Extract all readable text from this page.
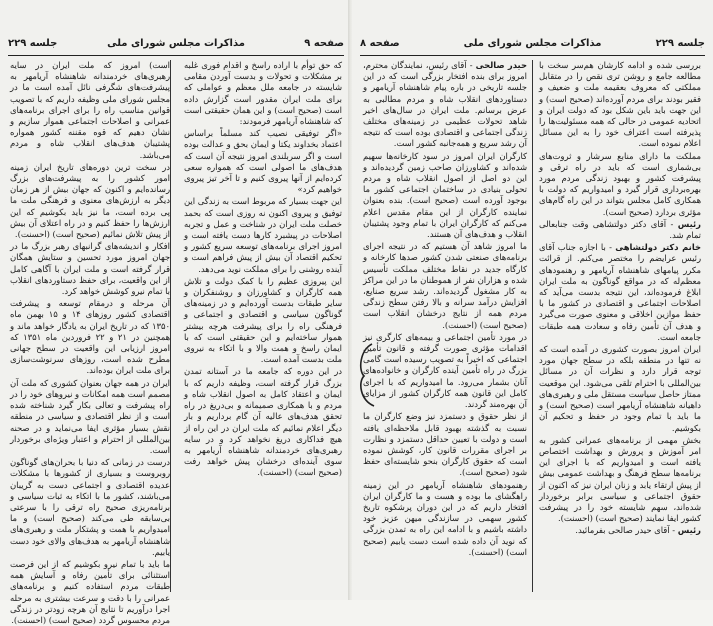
صفحه ۹
مذاکرات مجلس شورای ملی
جلسه ۲۲۹

که حق توأم با اراده راسخ و اقدام فوری غلبه بر مشکلات و تحولات و بدست آوردن مقامی شایسته در جامعه ملل معظم و عواملی که برای ملت ایران مقدور است گزارش داده است (صحیح است) و این همان حقیقتی است که شاهنشاه آریامهر فرمودند:

«اگر توفیقی نصیب کند مسلماً براساس اعتماد بخداوند یکتا و ایمان بحق و عدالت بوده است و اگر سربلندی امروز نتیجه آن است که هدف‌های ما اصولی است که همواره سعی کرده‌ایم از آنها پیروی کنیم و تا آخر تیز پیروی خواهیم کرد»

این جهت بسیار که مربوط است به زندگی این توفیق و پیروی اکنون نه روزی است که بحمد خصلت ملت ایران در شناخت و عمل و تجربه اصلاحات در پیشبرد کارها دست یافته است و امروز اجرای برنامه‌های توسعه سریع کشور و تحکیم اقتصاد آن بیش از پیش فراهم است و آینده روشنی را برای مملکت نوید می‌دهد.

این پیروزی عظیم را با کمک دولت و تلاش همه کارگران و کشاورزان و روشنفکران و سایر طبقات بدست آورده‌ایم و در زمینه‌های گوناگون سیاسی و اقتصادی و اجتماعی و فرهنگی راه را برای پیشرفت هرچه بیشتر هموار ساخته‌ایم و این حقیقتی است که با ایمان راسخ و همت والا و با اتکاء به نیروی ملت بدست آمده است.

در این دوره که جامعه ما در آستانه تمدن بزرگ قرار گرفته است، وظیفه داریم که با ایمان و اعتقاد کامل به اصول انقلاب شاه و مردم و با همکاری صمیمانه و بی‌دریغ در راه تحقق هدف‌های عالیه آن گام برداریم و بار دیگر اعلام نمائیم که ملت ایران در این راه از هیچ فداکاری دریغ نخواهد کرد و در سایه رهبری‌های خردمندانه شاهنشاه آریامهر به سوی آینده‌ای درخشان پیش خواهد رفت (صحیح است) (احسنت).

است) امروز که ملت ایران در سایه رهبری‌های خردمندانه شاهنشاه آریامهر به پیشرفت‌های شگرفی نائل آمده است ما در مجلس شورای ملی وظیفه داریم که با تصویب قوانین مناسب راه را برای اجرای برنامه‌های عمرانی و اصلاحات اجتماعی هموار سازیم و نشان دهیم که قوه مقننه کشور همواره پشتیبان هدف‌های انقلاب شاه و مردم می‌باشد.

در سخت ترین دوره‌های تاریخ ایران زمینه امور کشور را به پیشرفت‌های بزرگ رسانده‌ایم و اکنون که جهان بیش از هر زمان دیگر به ارزش‌های معنوی و فرهنگی ملت ما پی برده است، ما نیز باید بکوشیم که این ارزش‌ها را حفظ کنیم و در راه اعتلای آن بیش از پیش تلاش نمائیم (صحیح است) (احسنت).

افکار و اندیشه‌های گرانبهای رهبر بزرگ ما در جهان امروز مورد تحسین و ستایش همگان قرار گرفته است و ملت ایران با آگاهی کامل از این واقعیت، برای حفظ دستاوردهای انقلاب با تمام نیرو کوشش خواهد کرد.

آن مرحله و درمقام توسعه و پیشرفت اقتصادی کشور روزهای ۱۴ و ۱۵ بهمن ماه ۱۳۵۰ که در تاریخ ایران به یادگار خواهد ماند و همچنین در ۲۱ و ۲۲ فروردین ماه ۱۳۵۱ که امروز ارزیابی این واقعیت در سطح جهانی مطرح شده است، روزهای سرنوشت‌سازی برای ملت ایران بوده‌اند.

ایران در همه جهان بعنوان کشوری که ملت آن مصمم است همه امکانات و نیروهای خود را در راه پیشرفت و تعالی بکار گیرد شناخته شده است و از نظر اقتصادی و سیاسی در منطقه نقش بسیار مؤثری ایفا می‌نماید و در صحنه بین‌المللی از احترام و اعتبار ویژه‌ای برخوردار است.

درست در زمانی که دنیا با بحران‌های گوناگون روبروست و بسیاری از کشورها با مشکلات عدیده اقتصادی و اجتماعی دست به گریبان می‌باشند، کشور ما با اتکاء به ثبات سیاسی و برنامه‌ریزی صحیح راه ترقی را با سرعتی بی‌سابقه طی می‌کند (صحیح است) و ما امیدواریم با همت و پشتکار ملت و رهبری‌های شاهنشاه آریامهر به هدف‌های والای خود دست یابیم.

ما باید با تمام نیرو بکوشیم که از این فرصت استثنائی برای تأمین رفاه و آسایش همه طبقات مردم استفاده کنیم و برنامه‌های عمرانی را با دقت و سرعت بیشتری به مرحله اجرا درآوریم تا نتایج آن هرچه زودتر در زندگی مردم محسوس گردد (صحیح است) (احسنت).

جلسه ۲۲۹
مذاکرات مجلس شورای ملی
صفحه ۸

حیدر صالحی - آقای رئیس، نمایندگان محترم، امروز برای بنده افتخار بزرگی است که در این جلسه تاریخی در باره پیام شاهنشاه آریامهر و دستاوردهای انقلاب شاه و مردم مطالبی به عرض برسانم. ملت ایران در سال‌های اخیر شاهد تحولات عظیمی در زمینه‌های مختلف زندگی اجتماعی و اقتصادی بوده است که نتیجه آن رشد سریع و همه‌جانبه کشور است.

کارگران ایران امروز در سود کارخانه‌ها سهیم شده‌اند و کشاورزان صاحب زمین گردیده‌اند و این دو اصل از اصول انقلاب شاه و مردم تحولی بنیادی در ساختمان اجتماعی کشور ما بوجود آورده است (صحیح است). بنده بعنوان نماینده کارگران از این مقام مقدس اعلام می‌کنم که کارگران ایران با تمام وجود پشتیبان انقلاب و هدف‌های آن هستند.

ما امروز شاهد آن هستیم که در نتیجه اجرای برنامه‌های صنعتی شدن کشور صدها کارخانه و کارگاه جدید در نقاط مختلف مملکت تأسیس شده و هزاران نفر از هموطنان ما در این مراکز به کار مشغول گردیده‌اند. رشد سریع صنایع، افزایش درآمد سرانه و بالا رفتن سطح زندگی مردم همه از نتایج درخشان انقلاب است (صحیح است) (احسنت).

در مورد تأمین اجتماعی و بیمه‌های کارگری نیز اقدامات مؤثری صورت گرفته و قانون تأمین اجتماعی که اخیراً به تصویب رسیده است گامی بزرگ در راه تأمین آینده کارگران و خانواده‌های آنان بشمار می‌رود. ما امیدواریم که با اجرای کامل این قانون همه کارگران کشور از مزایای آن بهره‌مند گردند.

از نظر حقوق و دستمزد نیز وضع کارگران ما نسبت به گذشته بهبود قابل ملاحظه‌ای یافته است و دولت با تعیین حداقل دستمزد و نظارت بر اجرای مقررات قانون کار، کوشش نموده است که حقوق کارگران بنحو شایسته‌ای حفظ شود (صحیح است).

رهنمودهای شاهنشاه آریامهر در این زمینه راهگشای ما بوده و هست و ما کارگران ایران افتخار داریم که در این دوران پرشکوه تاریخ کشور سهمی در سازندگی میهن عزیز خود داشته باشیم و با ادامه این راه به تمدن بزرگی که نوید آن داده شده است دست یابیم (صحیح است) (احسنت).

بررسی شده و ادامه کارشان هم‌سر سخت با مطالعه جامع و روشن تری نقص را در متقابل مملکتی که معروف بعقیمه ملت و ضعیف و فقیر بودند برای مردم آورده‌اند (صحیح است) و این جهت باید باین شکل بود که دولت ایران و اتحادیه عمومی در حالی که همه مسئولیت‌ها را پذیرفته است اعتراف خود را به این مسائل اعلام نموده است.

مملکت ما دارای منابع سرشار و ثروت‌های بی‌شماری است که باید در راه ترقی و پیشرفت کشور و بهبود زندگی مردم مورد بهره‌برداری قرار گیرد و امیدواریم که دولت با همکاری کامل مجلس بتواند در این راه گام‌های مؤثری بردارد (صحیح است).

رئیس - آقای دکتر دولتشاهی وقت جنابعالی تمام شد.

خانم دکتر دولتشاهی - با اجازه جناب آقای رئیس عرایضم را مختصر می‌کنم. از قرائت مکرر پیامهای شاهنشاه آریامهر و رهنمودهای معظم‌له که در مواقع گوناگون به ملت ایران ابلاغ فرموده‌اند، این نتیجه بدست می‌آید که اصلاحات اجتماعی و اقتصادی در کشور ما با حفظ موازین اخلاقی و معنوی صورت می‌گیرد و هدف آن تأمین رفاه و سعادت همه طبقات جامعه است.

ایران امروز بصورت کشوری در آمده است که نه تنها در منطقه بلکه در سطح جهان مورد توجه قرار دارد و نظرات آن در مسائل بین‌المللی با احترام تلقی می‌شود. این موقعیت ممتاز حاصل سیاست مستقل ملی و رهبری‌های داهیانه شاهنشاه آریامهر است (صحیح است) و ما باید با تمام وجود در حفظ و تحکیم آن بکوشیم.

بخش مهمی از برنامه‌های عمرانی کشور به امر آموزش و پرورش و بهداشت اختصاص یافته است و امیدواریم که با اجرای این برنامه‌ها سطح فرهنگ و بهداشت عمومی بیش از پیش ارتقاء یابد و زنان ایران نیز که اکنون از حقوق اجتماعی و سیاسی برابر برخوردار شده‌اند، سهم شایسته خود را در پیشرفت کشور ایفا نمایند (صحیح است) (احسنت).

رئیس - آقای حیدر صالحی بفرمائید.
